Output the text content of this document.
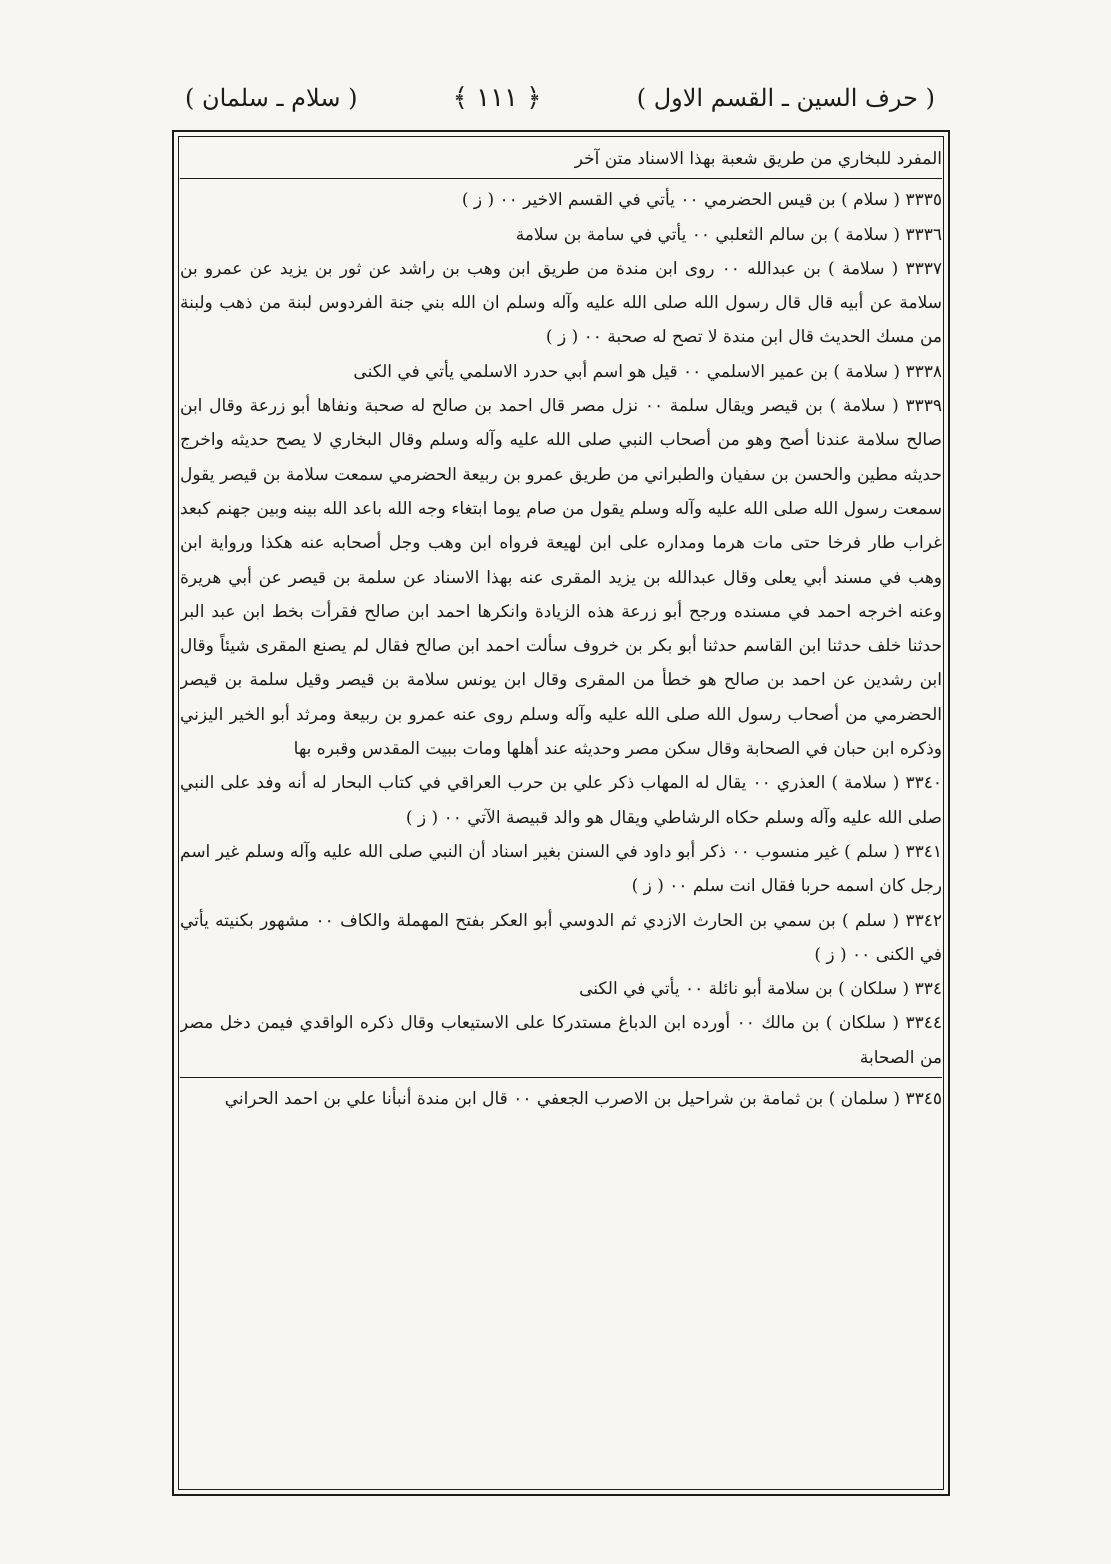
( حرف السين ـ القسم الاول )
﴿ ١١١ ﴾
( سلام ـ سلمان )

المفرد للبخاري من طريق شعبة بهذا الاسناد متن آخر

٣٣٣٥ ( سلام ) بن قيس الحضرمي ٠٠ يأتي في القسم الاخير ٠٠ ( ز )

٣٣٣٦ ( سلامة ) بن سالم الثعلبي ٠٠ يأتي في سامة بن سلامة

٣٣٣٧ ( سلامة ) بن عبدالله ٠٠ روى ابن مندة من طريق ابن وهب بن راشد عن ثور بن يزيد عن عمرو بن سلامة عن أبيه قال قال رسول الله صلى الله عليه وآله وسلم ان الله بني جنة الفردوس لبنة من ذهب ولبنة من مسك الحديث قال ابن مندة لا تصح له صحبة ٠٠ ( ز )

٣٣٣٨ ( سلامة ) بن عمير الاسلمي ٠٠ قيل هو اسم أبي حدرد الاسلمي يأتي في الكنى

٣٣٣٩ ( سلامة ) بن قيصر ويقال سلمة ٠٠ نزل مصر قال احمد بن صالح له صحبة ونفاها أبو زرعة وقال ابن صالح سلامة عندنا أصح وهو من أصحاب النبي صلى الله عليه وآله وسلم وقال البخاري لا يصح حديثه واخرج حديثه مطين والحسن بن سفيان والطبراني من طريق عمرو بن ربيعة الحضرمي سمعت سلامة بن قيصر يقول سمعت رسول الله صلى الله عليه وآله وسلم يقول من صام يوما ابتغاء وجه الله باعد الله بينه وبين جهنم كبعد غراب طار فرخا حتى مات هرما ومداره على ابن لهيعة فرواه ابن وهب وجل أصحابه عنه هكذا ورواية ابن وهب في مسند أبي يعلى وقال عبدالله بن يزيد المقرى عنه بهذا الاسناد عن سلمة بن قيصر عن أبي هريرة وعنه اخرجه احمد في مسنده ورجح أبو زرعة هذه الزيادة وانكرها احمد ابن صالح فقرأت بخط ابن عبد البر حدثنا خلف حدثنا ابن القاسم حدثنا أبو بكر بن خروف سألت احمد ابن صالح فقال لم يصنع المقرى شيئاً وقال ابن رشدين عن احمد بن صالح هو خطأ من المقرى وقال ابن يونس سلامة بن قيصر وقيل سلمة بن قيصر الحضرمي من أصحاب رسول الله صلى الله عليه وآله وسلم روى عنه عمرو بن ربيعة ومرثد أبو الخير اليزني وذكره ابن حبان في الصحابة وقال سكن مصر وحديثه عند أهلها ومات ببيت المقدس وقبره بها

٣٣٤٠ ( سلامة ) العذري ٠٠ يقال له المهاب ذكر علي بن حرب العراقي في كتاب البحار له أنه وفد على النبي صلى الله عليه وآله وسلم حكاه الرشاطي ويقال هو والد قبيصة الآتي ٠٠ ( ز )

٣٣٤١ ( سلم ) غير منسوب ٠٠ ذكر أبو داود في السنن بغير اسناد أن النبي صلى الله عليه وآله وسلم غير اسم رجل كان اسمه حربا فقال انت سلم ٠٠ ( ز )

٣٣٤٢ ( سلم ) بن سمي بن الحارث الازدي ثم الدوسي أبو العكر بفتح المهملة والكاف ٠٠ مشهور بكنيته يأتي في الكنى ٠٠ ( ز )

٣٣٤ ( سلكان ) بن سلامة أبو نائلة ٠٠ يأتي في الكنى

٣٣٤٤ ( سلكان ) بن مالك ٠٠ أورده ابن الدباغ مستدركا على الاستيعاب وقال ذكره الواقدي فيمن دخل مصر من الصحابة

٣٣٤٥ ( سلمان ) بن ثمامة بن شراحيل بن الاصرب الجعفي ٠٠ قال ابن مندة أنبأنا علي بن احمد الحراني
